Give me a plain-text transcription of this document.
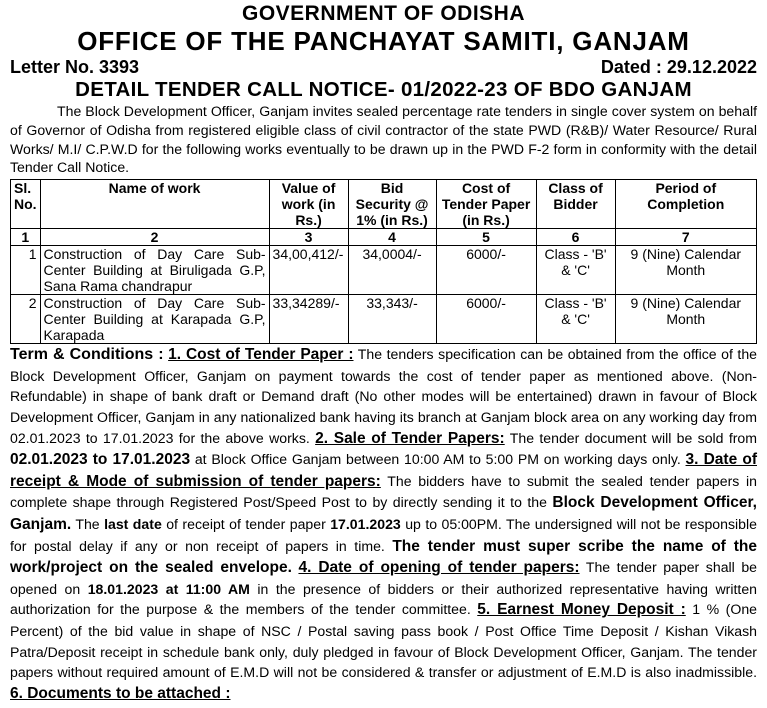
GOVERNMENT OF ODISHA
OFFICE OF THE PANCHAYAT SAMITI, GANJAM
Letter No. 3393	Dated : 29.12.2022
DETAIL TENDER CALL NOTICE- 01/2022-23 OF BDO GANJAM

The Block Development Officer, Ganjam invites sealed percentage rate tenders in single cover system on behalf of Governor of Odisha from registered eligible class of civil contractor of the state PWD (R&B)/ Water Resource/ Rural Works/ M.I/ C.P.W.D for the following works eventually to be drawn up in the PWD F-2 form in conformity with the detail Tender Call Notice.

Sl. No.	Name of work	Value of work (in Rs.)	Bid Security @ 1% (in Rs.)	Cost of Tender Paper (in Rs.)	Class of Bidder	Period of Completion
1	2	3	4	5	6	7
1	Construction of Day Care Sub-Center Building at Biruligada G.P, Sana Rama chandrapur	34,00,412/-	34,0004/-	6000/-	Class - 'B' & 'C'	9 (Nine) Calendar Month
2	Construction of Day Care Sub-Center Building at Karapada G.P, Karapada	33,34289/-	33,343/-	6000/-	Class - 'B' & 'C'	9 (Nine) Calendar Month

Term & Conditions : 1. Cost of Tender Paper : The tenders specification can be obtained from the office of the Block Development Officer, Ganjam on payment towards the cost of tender paper as mentioned above. (Non-Refundable) in shape of bank draft or Demand draft (No other modes will be entertained) drawn in favour of Block Development Officer, Ganjam in any nationalized bank having its branch at Ganjam block area on any working day from 02.01.2023 to 17.01.2023 for the above works. 2. Sale of Tender Papers: The tender document will be sold from 02.01.2023 to 17.01.2023 at Block Office Ganjam between 10:00 AM to 5:00 PM on working days only. 3. Date of receipt & Mode of submission of tender papers: The bidders have to submit the sealed tender papers in complete shape through Registered Post/Speed Post to by directly sending it to the Block Development Officer, Ganjam. The last date of receipt of tender paper 17.01.2023 up to 05:00PM. The undersigned will not be responsible for postal delay if any or non receipt of papers in time. The tender must super scribe the name of the work/project on the sealed envelope. 4. Date of opening of tender papers: The tender paper shall be opened on 18.01.2023 at 11:00 AM in the presence of bidders or their authorized representative having written authorization for the purpose & the members of the tender committee. 5. Earnest Money Deposit : 1 % (One Percent) of the bid value in shape of NSC / Postal saving pass book / Post Office Time Deposit / Kishan Vikash Patra/Deposit receipt in schedule bank only, duly pledged in favour of Block Development Officer, Ganjam. The tender papers without required amount of E.M.D will not be considered & transfer or adjustment of E.M.D is also inadmissible. 6. Documents to be attached :
